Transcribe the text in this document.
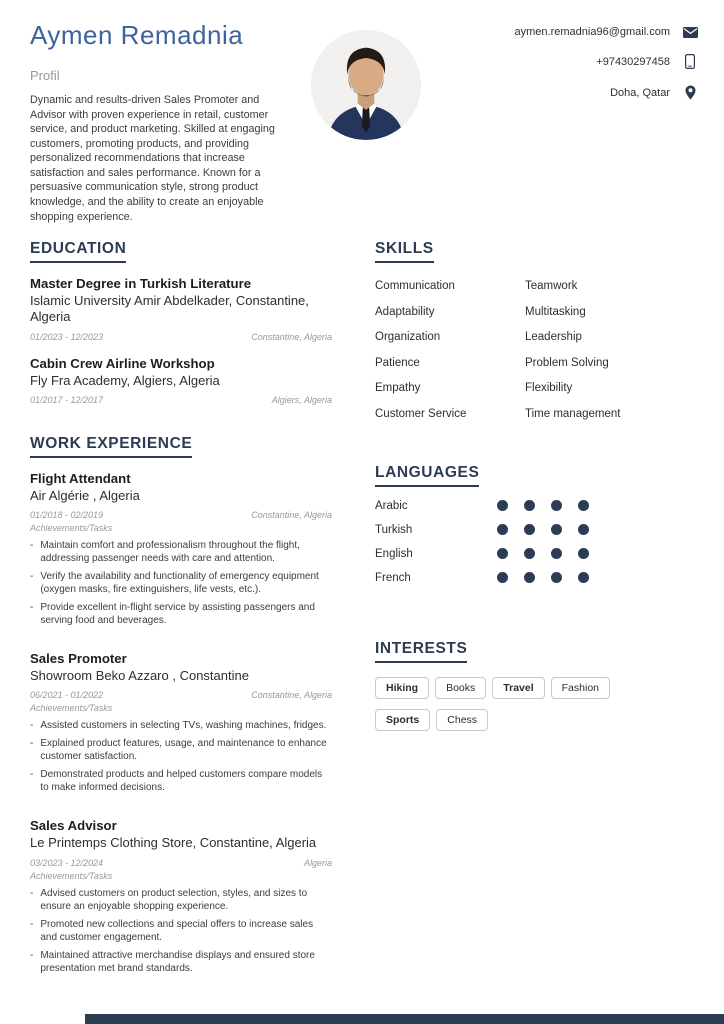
Aymen Remadnia
Profil

Dynamic and results-driven Sales Promoter and Advisor with proven experience in retail, customer service, and product marketing. Skilled at engaging customers, promoting products, and providing personalized recommendations that increase satisfaction and sales performance. Known for a persuasive communication style, strong product knowledge, and the ability to create an enjoyable shopping experience.

aymen.remadnia96@gmail.com
+97430297458
Doha, Qatar
EDUCATION
Master Degree in Turkish Literature
Islamic University Amir Abdelkader, Constantine, Algeria
01/2023 - 12/2023	Constantine, Algeria
Cabin Crew Airline Workshop
Fly Fra Academy, Algiers, Algeria
01/2017 - 12/2017	Algiers, Algeria
WORK EXPERIENCE
Flight Attendant
Air Algérie , Algeria
01/2018 - 02/2019	Constantine, Algeria
Achievements/Tasks
- Maintain comfort and professionalism throughout the flight, addressing passenger needs with care and attention.
- Verify the availability and functionality of emergency equipment (oxygen masks, fire extinguishers, life vests, etc.).
- Provide excellent in-flight service by assisting passengers and serving food and beverages.
Sales Promoter
Showroom Beko Azzaro , Constantine
06/2021 - 01/2022	Constantine, Algeria
Achievements/Tasks
- Assisted customers in selecting TVs, washing machines, fridges.
- Explained product features, usage, and maintenance to enhance customer satisfaction.
- Demonstrated products and helped customers compare models to make informed decisions.
Sales Advisor
Le Printemps Clothing Store, Constantine, Algeria
03/2023 - 12/2024	Algeria
Achievements/Tasks
- Advised customers on product selection, styles, and sizes to ensure an enjoyable shopping experience.
- Promoted new collections and special offers to increase sales and customer engagement.
- Maintained attractive merchandise displays and ensured store presentation met brand standards.
SKILLS
Communication	Teamwork
Adaptability	Multitasking
Organization	Leadership
Patience	Problem Solving
Empathy	Flexibility
Customer Service	Time management
LANGUAGES
Arabic
Turkish
English
French
INTERESTS
Hiking	Books	Travel	Fashion
Sports	Chess
